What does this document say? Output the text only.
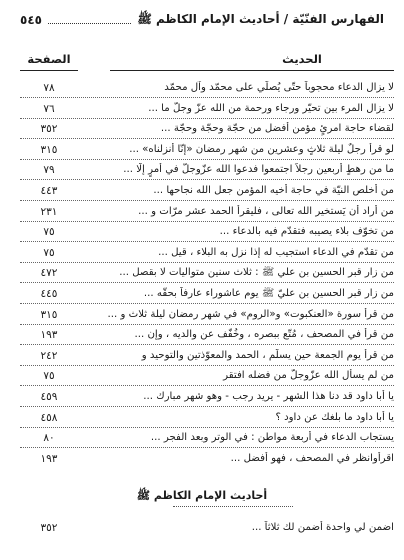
الفهارس الفنّيّة / أحاديث الإمام الكاظم ﷺ
٥٤٥
الحديث
الصفحة
لا يزال الدعاء محجوباً حتّى يُصلّي على محمّد وآل محمّد
٧٨
لا يزال المرء بين تحيّر ورجاء ورحمة من الله عزّ وجلّ ما ...
٧٦
لقضاء حاجة امرئٍ مؤمن أفضل من حجّة وحجّة وحجّة ...
٣٥٢
لو قرأ رجلٌ ليلة ثلاثٍ وعشرين من شهر رمضان «إنّا أنزلناه» ...
٣١٥
ما من رهطٍ أربعين رجلاً اجتمعوا فدعوا الله عزّوجلّ في أمرٍ إلّا ...
٧٩
من أخلص النيّة في حاجة أخيه المؤمن جعل الله نجاحها ...
٤٤٣
من أراد أن يَستخير الله تعالى ، فليقرأ الحمد عشر مرّات و ...
٢٣١
من تخوّف بلاء يصيبه فتقدّم فيه بالدعاء ...
٧٥
من تقدّم في الدعاء استجيب له إذا نزل به البلاء ، قيل ...
٧٥
من زار قبر الحسين بن علي ﷺ : ثلاث سنين متواليات لا بقصل ...
٤٧٢
من زار قبر الحسين بن عليّ ﷺ يوم عاشوراء عارفاً بحقّه ...
٤٤٥
من قرأ سورة «العنكبوت» و«الروم» في شهر رمضان ليلة ثلاث و ...
٣١٥
من قرأ في المصحف ، مُتّع ببصره ، وخُفّف عن والديه ، وإن ...
١٩٣
من قرأ يوم الجمعة حين يسلّم ، الحمد والمعوّذتين والتوحيد و
٢٤٢
من لم يسأل الله عزّوجلّ من فضله افتقر
٧٥
يا أبا داود قد دنا هذا الشهر - يريد رجب - وهو شهر مبارك ...
٤٥٩
يا أبا داود ما بلغك عن داود ؟
٤٥٨
يستجاب الدعاء في أربعة مواطن : في الوتر وبعد الفجر ...
٨٠
اقرأوانظر في المصحف ، فهو أفضل ...
١٩٣
أحاديث الإمام الكاظم ﷺ
اضمن لي واحدة أضمن لك ثلاثاً ...
٣٥٢
